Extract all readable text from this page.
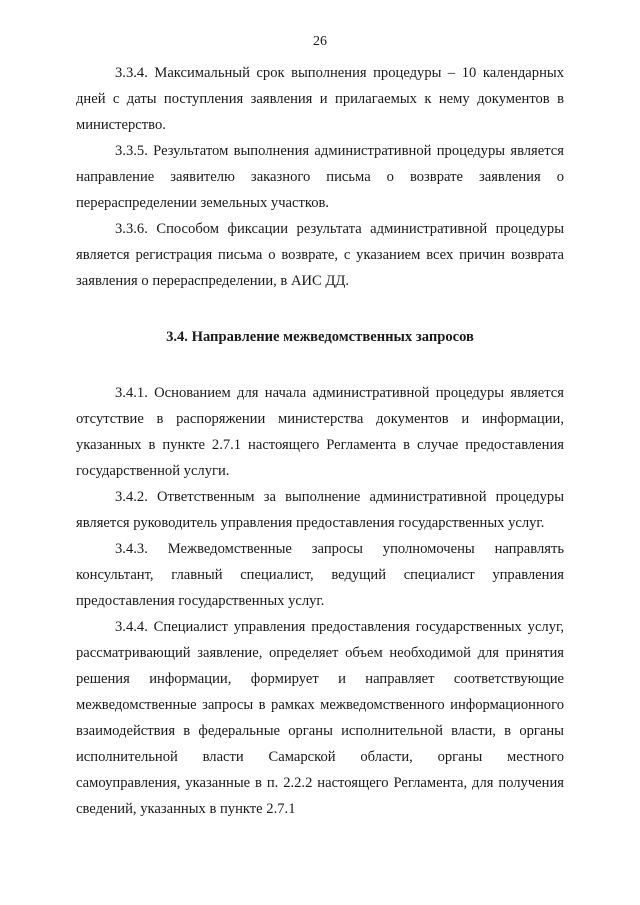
26

3.3.4. Максимальный срок выполнения процедуры – 10 календарных дней с даты поступления заявления и прилагаемых к нему документов в министерство.

3.3.5. Результатом выполнения административной процедуры является направление заявителю заказного письма о возврате заявления о перераспределении земельных участков.

3.3.6. Способом фиксации результата административной процедуры является регистрация письма о возврате, с указанием всех причин возврата заявления о перераспределении, в АИС ДД.

3.4. Направление межведомственных запросов

3.4.1. Основанием для начала административной процедуры является отсутствие в распоряжении министерства документов и информации, указанных в пункте 2.7.1 настоящего Регламента в случае предоставления государственной услуги.

3.4.2. Ответственным за выполнение административной процедуры является руководитель управления предоставления государственных услуг.

3.4.3. Межведомственные запросы уполномочены направлять консультант, главный специалист, ведущий специалист управления предоставления государственных услуг.

3.4.4. Специалист управления предоставления государственных услуг, рассматривающий заявление, определяет объем необходимой для принятия решения информации, формирует и направляет соответствующие межведомственные запросы в рамках межведомственного информационного взаимодействия в федеральные органы исполнительной власти, в органы исполнительной власти Самарской области, органы местного самоуправления, указанные в п. 2.2.2 настоящего Регламента, для получения сведений, указанных в пункте 2.7.1
